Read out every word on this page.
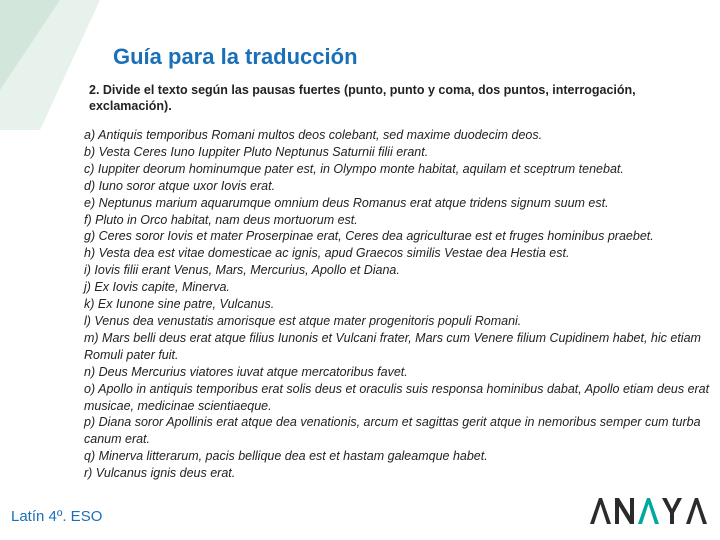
Guía para la traducción
2. Divide el texto según las pausas fuertes (punto, punto y coma, dos puntos, interrogación, exclamación).
a) Antiquis temporibus Romani multos deos colebant, sed maxime duodecim deos.
b) Vesta Ceres Iuno Iuppiter Pluto Neptunus Saturnii filii erant.
c) Iuppiter deorum hominumque pater est, in Olympo monte habitat, aquilam et sceptrum tenebat.
d) Iuno soror atque uxor Iovis erat.
e) Neptunus marium aquarumque omnium deus Romanus erat atque tridens signum suum est.
f) Pluto in Orco habitat, nam deus mortuorum est.
g) Ceres soror Iovis et mater Proserpinae erat, Ceres dea agriculturae est et fruges hominibus praebet.
h) Vesta dea est vitae domesticae ac ignis, apud Graecos similis Vestae dea Hestia est.
i) Iovis filii erant Venus, Mars, Mercurius, Apollo et Diana.
j) Ex Iovis capite, Minerva.
k) Ex Iunone sine patre, Vulcanus.
l) Venus dea venustatis amorisque est atque mater progenitoris populi Romani.
m) Mars belli deus erat atque filius Iunonis et Vulcani frater, Mars cum Venere filium Cupidinem habet, hic etiam Romuli pater fuit.
n) Deus Mercurius viatores iuvat atque mercatoribus favet.
o) Apollo in antiquis temporibus erat solis deus et oraculis suis responsa hominibus dabat, Apollo etiam deus erat musicae, medicinae scientiaeque.
p) Diana soror Apollinis erat atque dea venationis, arcum et sagittas gerit atque in nemoribus semper cum turba canum erat.
q) Minerva litterarum, pacis bellique dea est et hastam galeamque habet.
r) Vulcanus ignis deus erat.
Latín 4º. ESO
